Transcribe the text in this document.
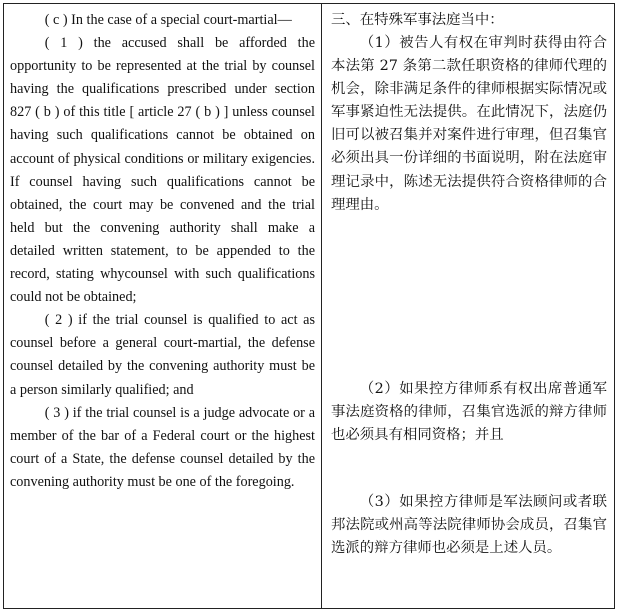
( c ) In the case of a special court-martial—

( 1 ) the accused shall be afforded the opportunity to be represented at the trial by counsel having the qualifications prescribed under section 827 ( b ) of this title [ article 27 ( b ) ] unless counsel having such qualifications cannot be obtained on account of physical conditions or military exigencies. If counsel having such qualifications cannot be obtained, the court may be convened and the trial held but the convening authority shall make a detailed written statement, to be appended to the record, stating whycounsel with such qualifications could not be obtained;

( 2 ) if the trial counsel is qualified to act as counsel before a general court-martial, the defense counsel detailed by the convening authority must be a person similarly qualified; and

( 3 ) if the trial counsel is a judge advocate or a member of the bar of a Federal court or the highest court of a State, the defense counsel detailed by the convening authority must be one of the foregoing.

三、在特殊军事法庭当中：

（1）被告人有权在审判时获得由符合本法第 27 条第二款任职资格的律师代理的机会，除非满足条件的律师根据实际情况或军事紧迫性无法提供。在此情况下，法庭仍旧可以被召集并对案件进行审理，但召集官必须出具一份详细的书面说明，附在法庭审理记录中，陈述无法提供符合资格律师的合理理由。

（2）如果控方律师系有权出席普通军事法庭资格的律师，召集官选派的辩方律师也必须具有相同资格；并且

（3）如果控方律师是军法顾问或者联邦法院或州高等法院律师协会成员，召集官选派的辩方律师也必须是上述人员。
